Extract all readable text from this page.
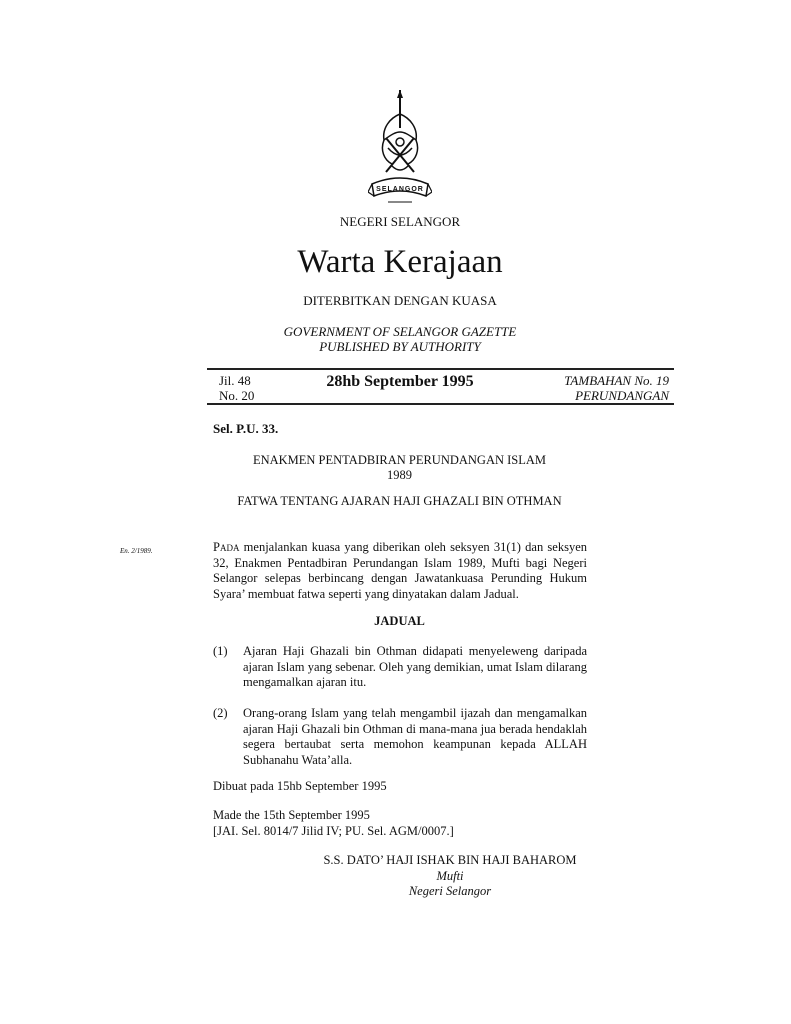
SELANGOR
NEGERI SELANGOR
Warta Kerajaan
DITERBITKAN DENGAN KUASA
GOVERNMENT OF SELANGOR GAZETTE
PUBLISHED BY AUTHORITY
Jil. 48
No. 20
28hb September 1995	TAMBAHAN No. 19
PERUNDANGAN
Sel. P.U. 33.
ENAKMEN PENTADBIRAN PERUNDANGAN ISLAM
1989
FATWA TENTANG AJARAN HAJI GHAZALI BIN OTHMAN
En. 2/1989.	Pada menjalankan kuasa yang diberikan oleh seksyen 31(1) dan seksyen 32, Enakmen Pentadbiran Perundangan Islam 1989, Mufti bagi Negeri Selangor selepas berbincang dengan Jawatankuasa Perunding Hukum Syara’ membuat fatwa seperti yang dinyatakan dalam Jadual.
JADUAL
(1) Ajaran Haji Ghazali bin Othman didapati menyeleweng daripada ajaran Islam yang sebenar. Oleh yang demikian, umat Islam dilarang mengamalkan ajaran itu.
(2) Orang-orang Islam yang telah mengambil ijazah dan mengamalkan ajaran Haji Ghazali bin Othman di mana-mana jua berada hendaklah segera bertaubat serta memohon keampunan kepada ALLAH Subhanahu Wata’alla.
Dibuat pada 15hb September 1995
Made the 15th September 1995
[JAI. Sel. 8014/7 Jilid IV; PU. Sel. AGM/0007.]
S.S. DATO’ HAJI ISHAK BIN HAJI BAHAROM
Mufti
Negeri Selangor
